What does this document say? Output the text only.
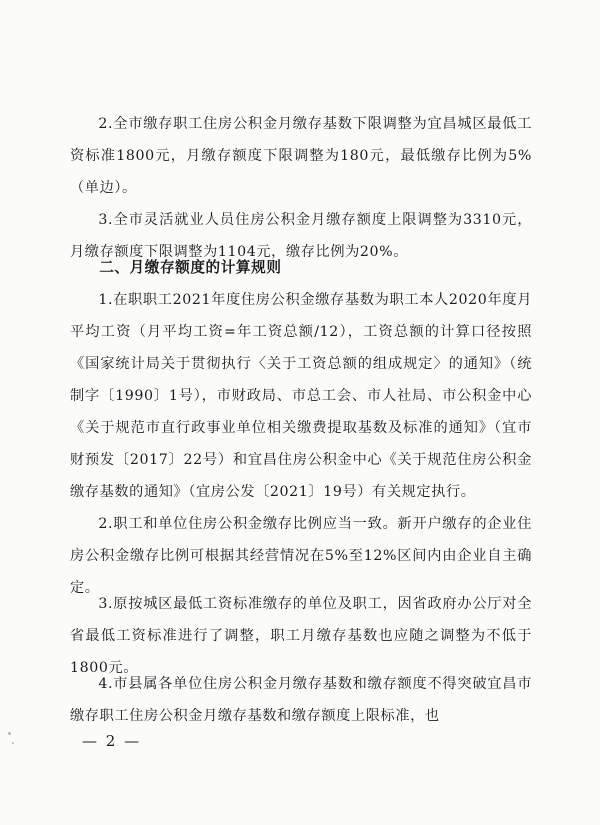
2.全市缴存职工住房公积金月缴存基数下限调整为宜昌城区最低工资标准1800元，月缴存额度下限调整为180元，最低缴存比例为5%（单边）。

3.全市灵活就业人员住房公积金月缴存额度上限调整为3310元，月缴存额度下限调整为1104元，缴存比例为20%。

二、月缴存额度的计算规则

1.在职职工2021年度住房公积金缴存基数为职工本人2020年度月平均工资（月平均工资=年工资总额/12），工资总额的计算口径按照《国家统计局关于贯彻执行〈关于工资总额的组成规定〉的通知》（统制字〔1990〕1号），市财政局、市总工会、市人社局、市公积金中心《关于规范市直行政事业单位相关缴费提取基数及标准的通知》（宜市财预发〔2017〕22号）和宜昌住房公积金中心《关于规范住房公积金缴存基数的通知》（宜房公发〔2021〕19号）有关规定执行。

2.职工和单位住房公积金缴存比例应当一致。新开户缴存的企业住房公积金缴存比例可根据其经营情况在5%至12%区间内由企业自主确定。

3.原按城区最低工资标准缴存的单位及职工，因省政府办公厅对全省最低工资标准进行了调整，职工月缴存基数也应随之调整为不低于1800元。

4.市县属各单位住房公积金月缴存基数和缴存额度不得突破宜昌市缴存职工住房公积金月缴存基数和缴存额度上限标准，也

— 2 —
